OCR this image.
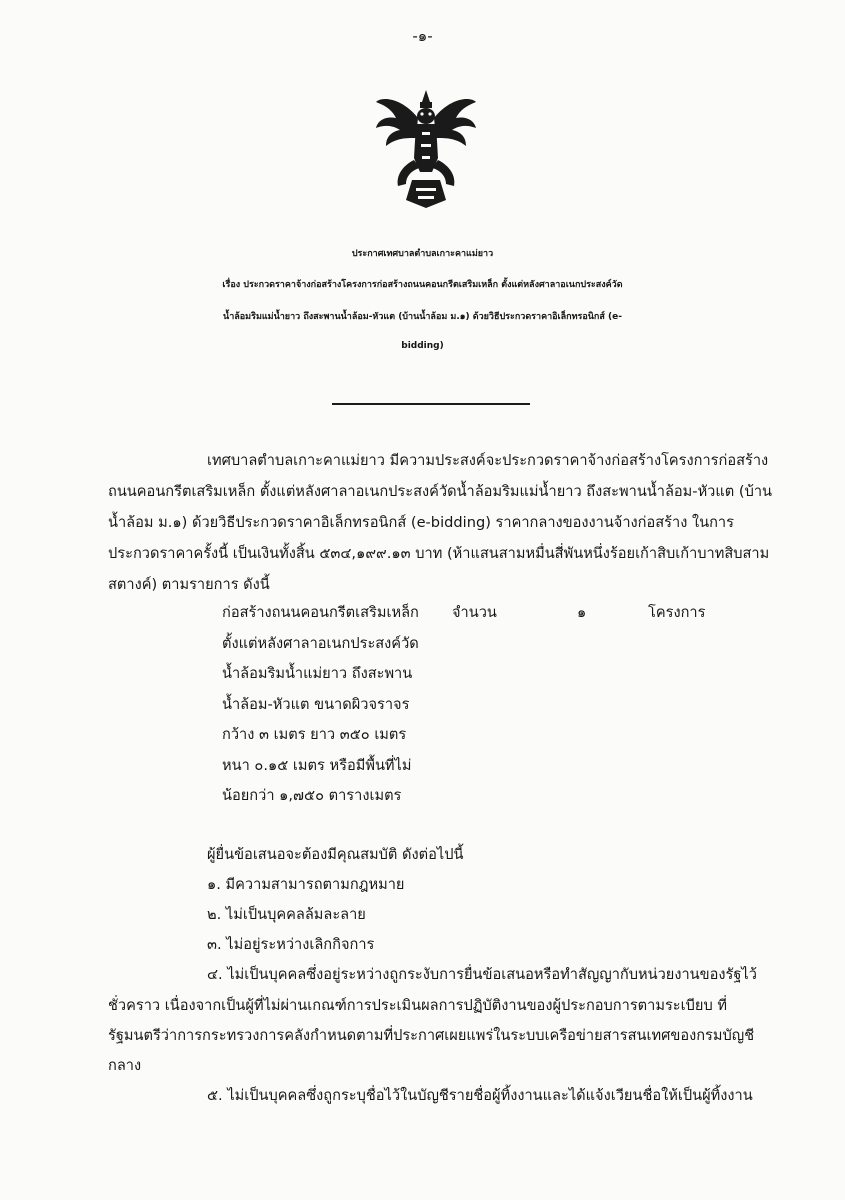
-๑-
ประกาศเทศบาลตำบลเกาะคาแม่ยาว
เรื่อง ประกวดราคาจ้างก่อสร้างโครงการก่อสร้างถนนคอนกรีตเสริมเหล็ก ตั้งแต่หลังศาลาอเนกประสงค์วัด
น้ำล้อมริมแม่น้ำยาว ถึงสะพานน้ำล้อม-หัวแต (บ้านน้ำล้อม ม.๑) ด้วยวิธีประกวดราคาอิเล็กทรอนิกส์ (e-
bidding)
เทศบาลตำบลเกาะคาแม่ยาว มีความประสงค์จะประกวดราคาจ้างก่อสร้างโครงการก่อสร้าง
ถนนคอนกรีตเสริมเหล็ก ตั้งแต่หลังศาลาอเนกประสงค์วัดน้ำล้อมริมแม่น้ำยาว ถึงสะพานน้ำล้อม-หัวแต (บ้าน
น้ำล้อม ม.๑) ด้วยวิธีประกวดราคาอิเล็กทรอนิกส์ (e-bidding) ราคากลางของงานจ้างก่อสร้าง ในการ
ประกวดราคาครั้งนี้ เป็นเงินทั้งสิ้น ๕๓๔,๑๙๙.๑๓ บาท (ห้าแสนสามหมื่นสี่พันหนึ่งร้อยเก้าสิบเก้าบาทสิบสาม
สตางค์) ตามรายการ ดังนี้
ก่อสร้างถนนคอนกรีตเสริมเหล็ก
ตั้งแต่หลังศาลาอเนกประสงค์วัด
น้ำล้อมริมน้ำแม่ยาว ถึงสะพาน
น้ำล้อม-หัวแต ขนาดผิวจราจร
กว้าง ๓ เมตร ยาว ๓๕๐ เมตร
หนา ๐.๑๕ เมตร หรือมีพื้นที่ไม่
น้อยกว่า ๑,๗๕๐ ตารางเมตร
จำนวน	๑	โครงการ
ผู้ยื่นข้อเสนอจะต้องมีคุณสมบัติ ดังต่อไปนี้
๑. มีความสามารถตามกฎหมาย
๒. ไม่เป็นบุคคลล้มละลาย
๓. ไม่อยู่ระหว่างเลิกกิจการ
๔. ไม่เป็นบุคคลซึ่งอยู่ระหว่างถูกระงับการยื่นข้อเสนอหรือทำสัญญากับหน่วยงานของรัฐไว้
ชั่วคราว เนื่องจากเป็นผู้ที่ไม่ผ่านเกณฑ์การประเมินผลการปฏิบัติงานของผู้ประกอบการตามระเบียบ ที่
รัฐมนตรีว่าการกระทรวงการคลังกำหนดตามที่ประกาศเผยแพร่ในระบบเครือข่ายสารสนเทศของกรมบัญชี
กลาง
๕. ไม่เป็นบุคคลซึ่งถูกระบุชื่อไว้ในบัญชีรายชื่อผู้ทิ้งงานและได้แจ้งเวียนชื่อให้เป็นผู้ทิ้งงาน
